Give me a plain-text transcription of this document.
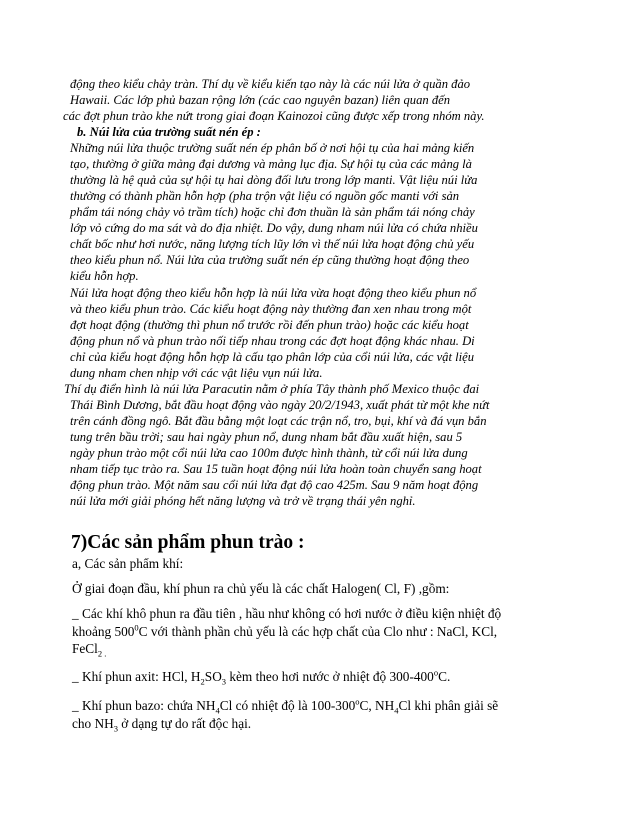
động theo kiểu chảy tràn. Thí dụ về kiểu kiến tạo này là các núi lửa ở quần đảo
Hawaii. Các lớp phủ bazan rộng lớn (các cao nguyên bazan) liên quan đến
các đợt phun trào khe nứt trong giai đoạn Kainozoi cũng được xếp trong nhóm này.

b. Núi lửa của trường suất nén ép :

Những núi lửa thuộc trường suất nén ép phân bố ở nơi hội tụ của hai mảng kiến
tạo, thường ở giữa mảng đại dương và mảng lục địa. Sự hội tụ của các mảng là
thường là hệ quả của sự hội tụ hai dòng đối lưu trong lớp manti. Vật liệu núi lửa
thường có thành phần hỗn hợp (pha trộn vật liệu có nguồn gốc manti với sản
phẩm tái nóng chảy vỏ trầm tích) hoặc chỉ đơn thuần là sản phẩm tái nóng chảy
lớp vỏ cứng do ma sát và do địa nhiệt. Do vậy, dung nham núi lửa có chứa nhiều
chất bốc như hơi nước, năng lượng tích lũy lớn vì thế núi lửa hoạt động chủ yếu
theo kiểu phun nổ. Núi lửa của trường suất nén ép cũng thường hoạt động theo
kiểu hỗn hợp.

Núi lửa hoạt động theo kiểu hỗn hợp là núi lửa vừa hoạt động theo kiểu phun nổ
và theo kiểu phun trào. Các kiểu hoạt động này thường đan xen nhau trong một
đợt hoạt động (thường thì phun nổ trước rồi đến phun trào) hoặc các kiểu hoạt
động phun nổ và phun trào nối tiếp nhau trong các đợt hoạt động khác nhau. Di
chỉ của kiểu hoạt động hỗn hợp là cấu tạo phân lớp của cổi núi lửa, các vật liệu
dung nham chen nhịp với các vật liệu vụn núi lửa.

Thí dụ điển hình là núi lửa Paracutin nằm ở phía Tây thành phố Mexico thuộc đai
Thái Bình Dương, bắt đầu hoạt động vào ngày 20/2/1943, xuất phát từ một khe nứt
trên cánh đồng ngô. Bắt đầu bằng một loạt các trận nổ, tro, bụi, khí và đá vụn bắn
tung trên bầu trời; sau hai ngày phun nổ, dung nham bắt đầu xuất hiện, sau 5
ngày phun trào một cổi núi lửa cao 100m được hình thành, từ cổi núi lửa dung
nham tiếp tục trào ra. Sau 15 tuần hoạt động núi lửa hoàn toàn chuyển sang hoạt
động phun trào. Một năm sau cổi núi lửa đạt độ cao 425m. Sau 9 năm hoạt động
núi lửa mới giải phóng hết năng lượng và trở về trạng thái yên nghỉ.

7)Các sản phẩm phun trào :

a, Các sản phẩm khí:

Ở giai đoạn đầu, khí phun ra chủ yếu là các chất Halogen( Cl, F) ,gồm:

_ Các khí khô phun ra đầu tiên , hầu như không có hơi nước ở điều kiện nhiệt độ
khoảng $500^0C$ với thành phần chủ yếu là các hợp chất của Clo như : NaCl, KCl,
FeCl$_{2 .}$

_ Khí phun axit: HCl, $H_2SO_3$ kèm theo hơi nước ở nhiệt độ 300-400$^o$C.

_ Khí phun bazo: chứa $NH_4Cl$ có nhiệt độ là 100-300$^o$C, $NH_4Cl$ khi phân giải sẽ
cho $NH_3$ ở dạng tự do rất độc hại.
